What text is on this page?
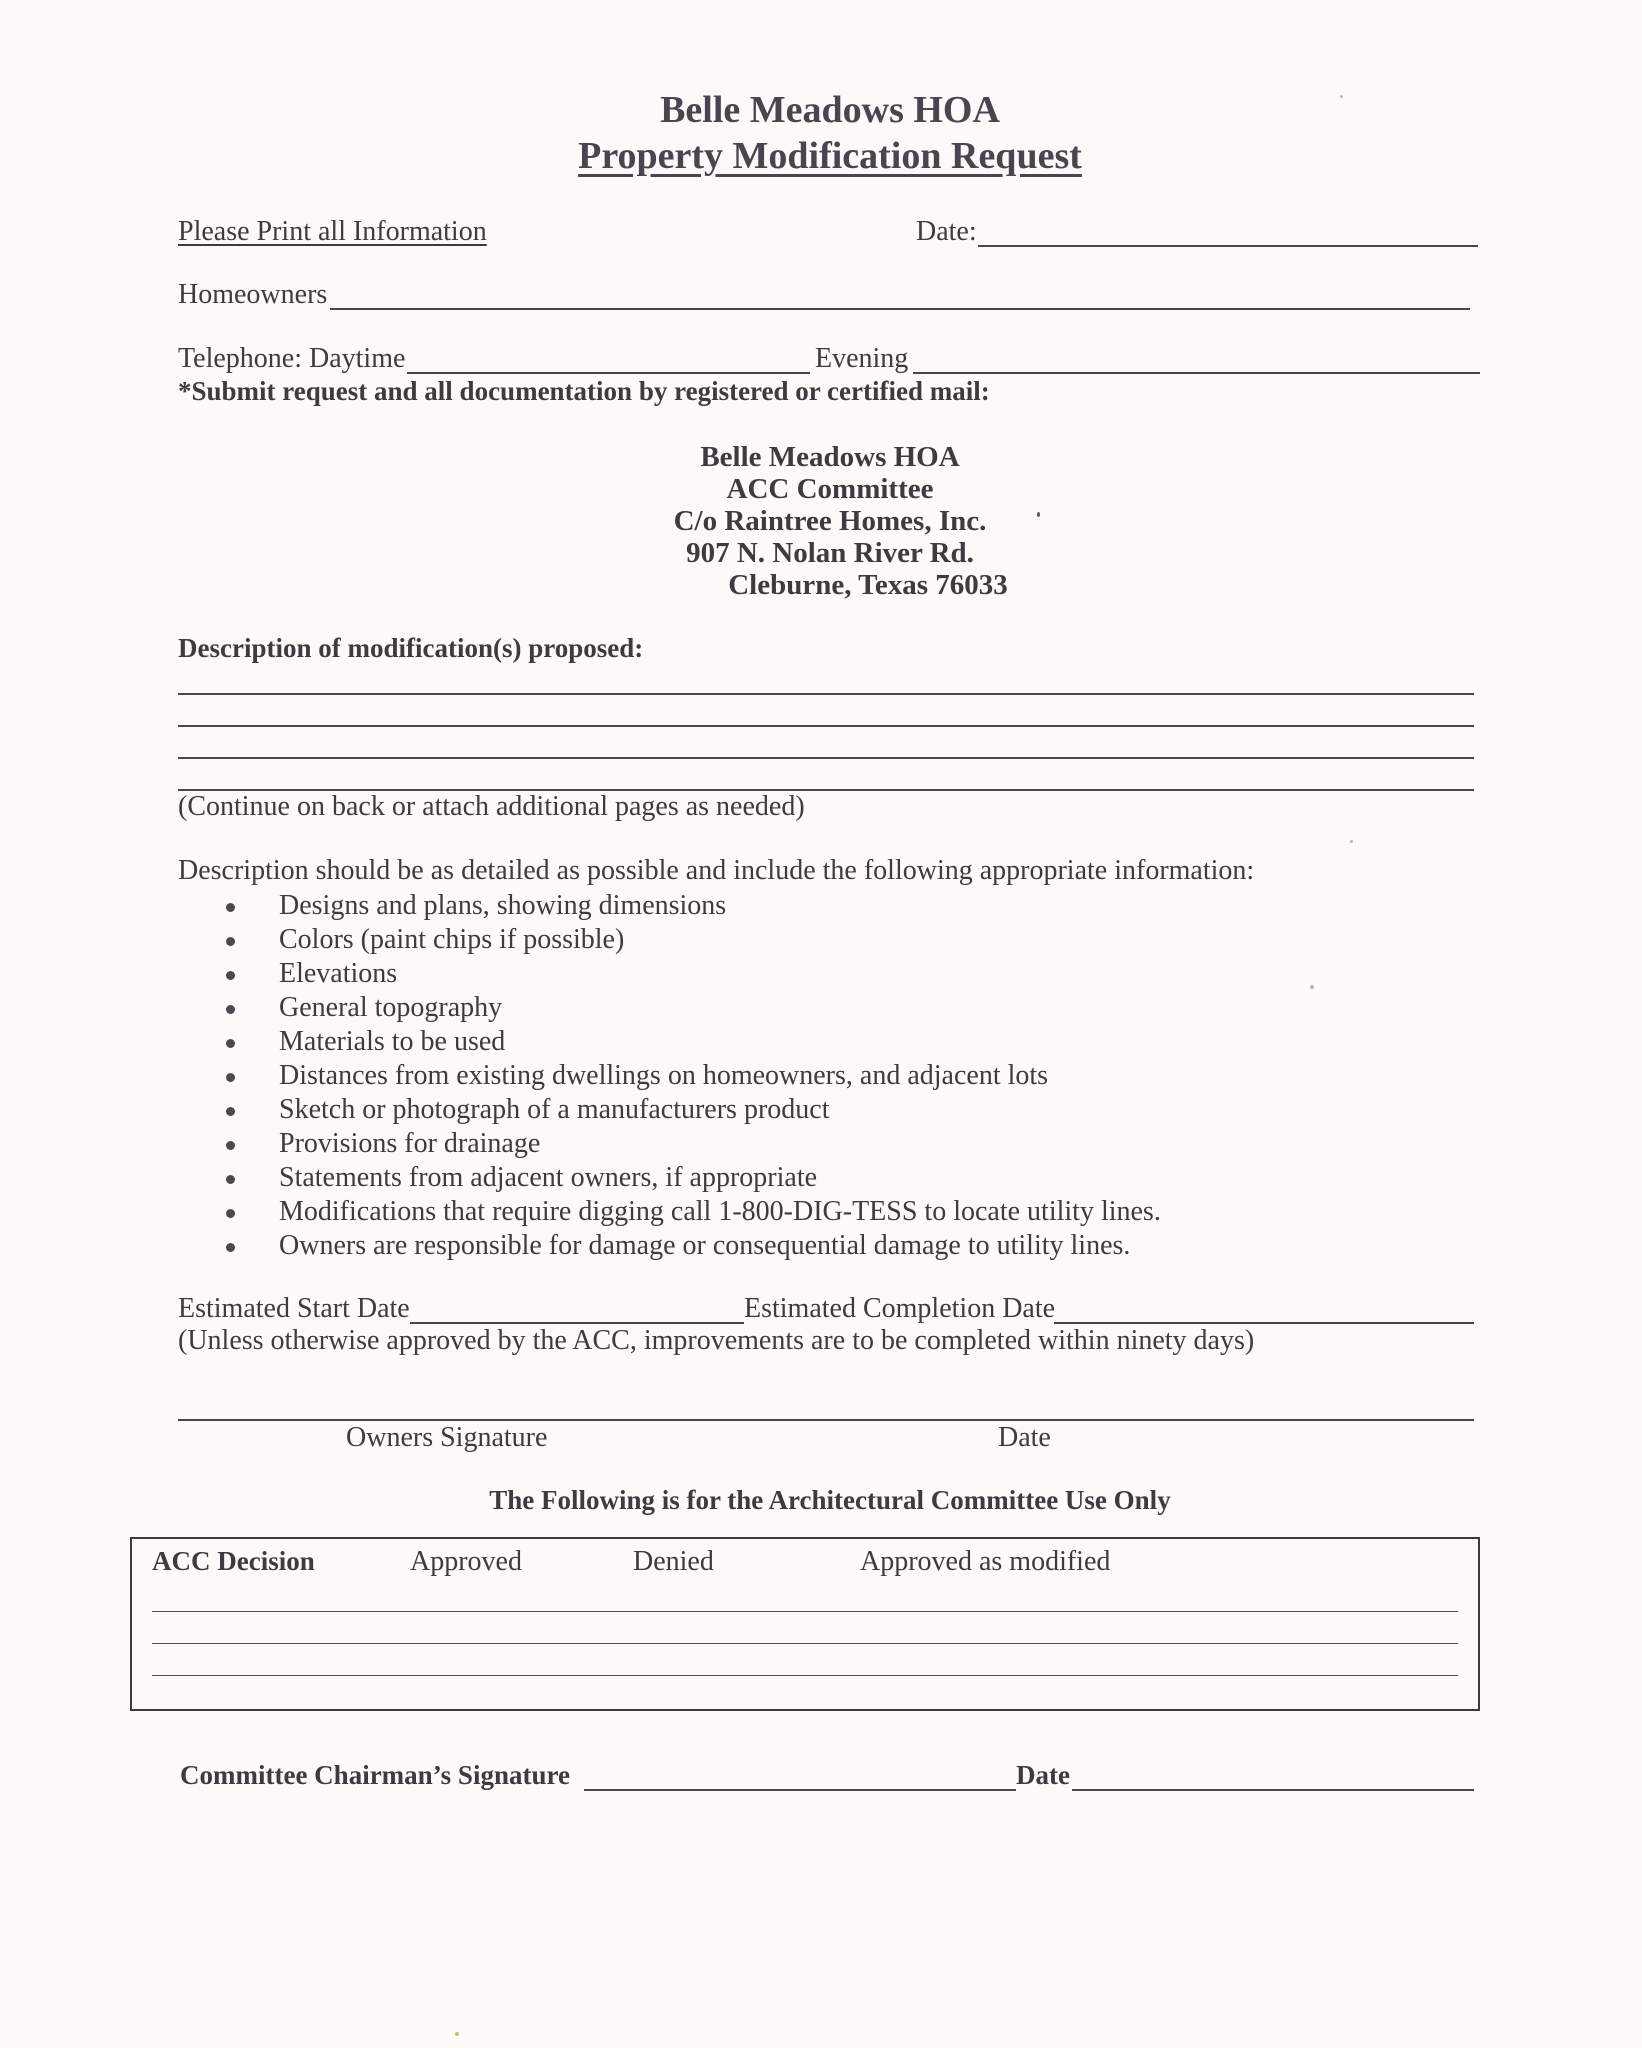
Belle Meadows HOA
Property Modification Request
Please Print all Information	Date:
Homeowners
Telephone: Daytime	Evening
*Submit request and all documentation by registered or certified mail:
Belle Meadows HOA
ACC Committee
C/o Raintree Homes, Inc.
907 N. Nolan River Rd.
Cleburne, Texas 76033
Description of modification(s) proposed:
(Continue on back or attach additional pages as needed)
Description should be as detailed as possible and include the following appropriate information:
Designs and plans, showing dimensions
Colors (paint chips if possible)
Elevations
General topography
Materials to be used
Distances from existing dwellings on homeowners, and adjacent lots
Sketch or photograph of a manufacturers product
Provisions for drainage
Statements from adjacent owners, if appropriate
Modifications that require digging call 1-800-DIG-TESS to locate utility lines.
Owners are responsible for damage or consequential damage to utility lines.
Estimated Start Date	Estimated Completion Date
(Unless otherwise approved by the ACC, improvements are to be completed within ninety days)
Owners Signature	Date
The Following is for the Architectural Committee Use Only
ACC Decision	Approved	Denied	Approved as modified
Committee Chairman’s Signature	Date
